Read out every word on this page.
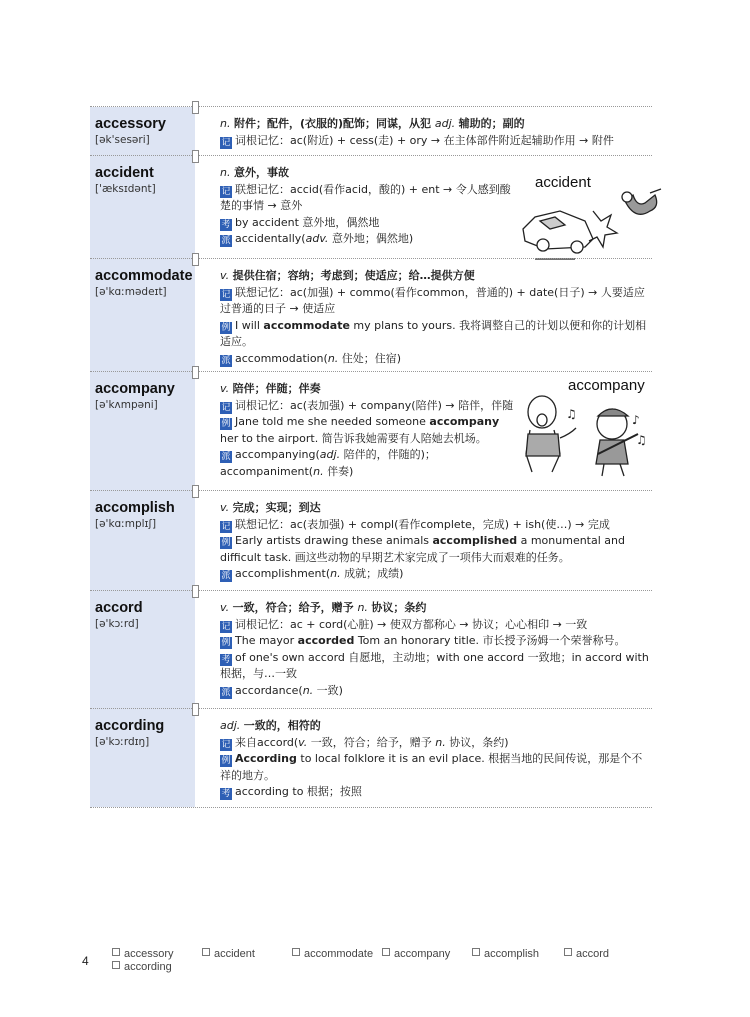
accessory
[ək'sesəri]

n. 附件；配件，(衣服的)配饰；同谋，从犯 adj. 辅助的；副的

记 词根记忆：ac(附近) + cess(走) + ory → 在主体部件附近起辅助作用 → 附件

accident
['æksɪdənt]

n. 意外，事故

记 联想记忆：accid(看作acid，酸的) + ent → 令人感到酸楚的事情 → 意外

考 by accident 意外地，偶然地

派 accidentally(adv. 意外地；偶然地)

accident
accommodate
[ə'kɑːmədeɪt]

v. 提供住宿；容纳；考虑到；使适应；给…提供方便

记 联想记忆：ac(加强) + commo(看作common，普通的) + date(日子) → 人要适应过普通的日子 → 使适应

例 I will accommodate my plans to yours. 我将调整自己的计划以便和你的计划相适应。

派 accommodation(n. 住处；住宿)

accompany
[ə'kʌmpəni]

v. 陪伴；伴随；伴奏

记 词根记忆：ac(表加强) + company(陪伴) → 陪伴，伴随

例 Jane told me she needed someone accompany her to the airport. 简告诉我她需要有人陪她去机场。

派 accompanying(adj. 陪伴的，伴随的)；accompaniment(n. 伴奏)

♫	♪
♫
accompany
accomplish
[ə'kɑːmplɪʃ]

v. 完成；实现；到达

记 联想记忆：ac(表加强) + compl(看作complete，完成) + ish(使…) → 完成

例 Early artists drawing these animals accomplished a monumental and difficult task. 画这些动物的早期艺术家完成了一项伟大而艰难的任务。

派 accomplishment(n. 成就；成绩)

accord
[ə'kɔːrd]

v. 一致，符合；给予，赠予 n. 协议；条约

记 词根记忆：ac + cord(心脏) → 使双方都称心 → 协议；心心相印 → 一致

例 The mayor accorded Tom an honorary title. 市长授予汤姆一个荣誉称号。

考 of one's own accord 自愿地，主动地；with one accord 一致地；in accord with 根据，与…一致

派 accordance(n. 一致)

according
[ə'kɔːrdɪŋ]

adj. 一致的，相符的

记 来自accord(v. 一致，符合；给予，赠予 n. 协议，条约)

例 According to local folklore it is an evil place. 根据当地的民间传说，那是个不祥的地方。

考 according to 根据；按照

4	accessory	accident	accommodate	accompany	accomplish	accord
according
